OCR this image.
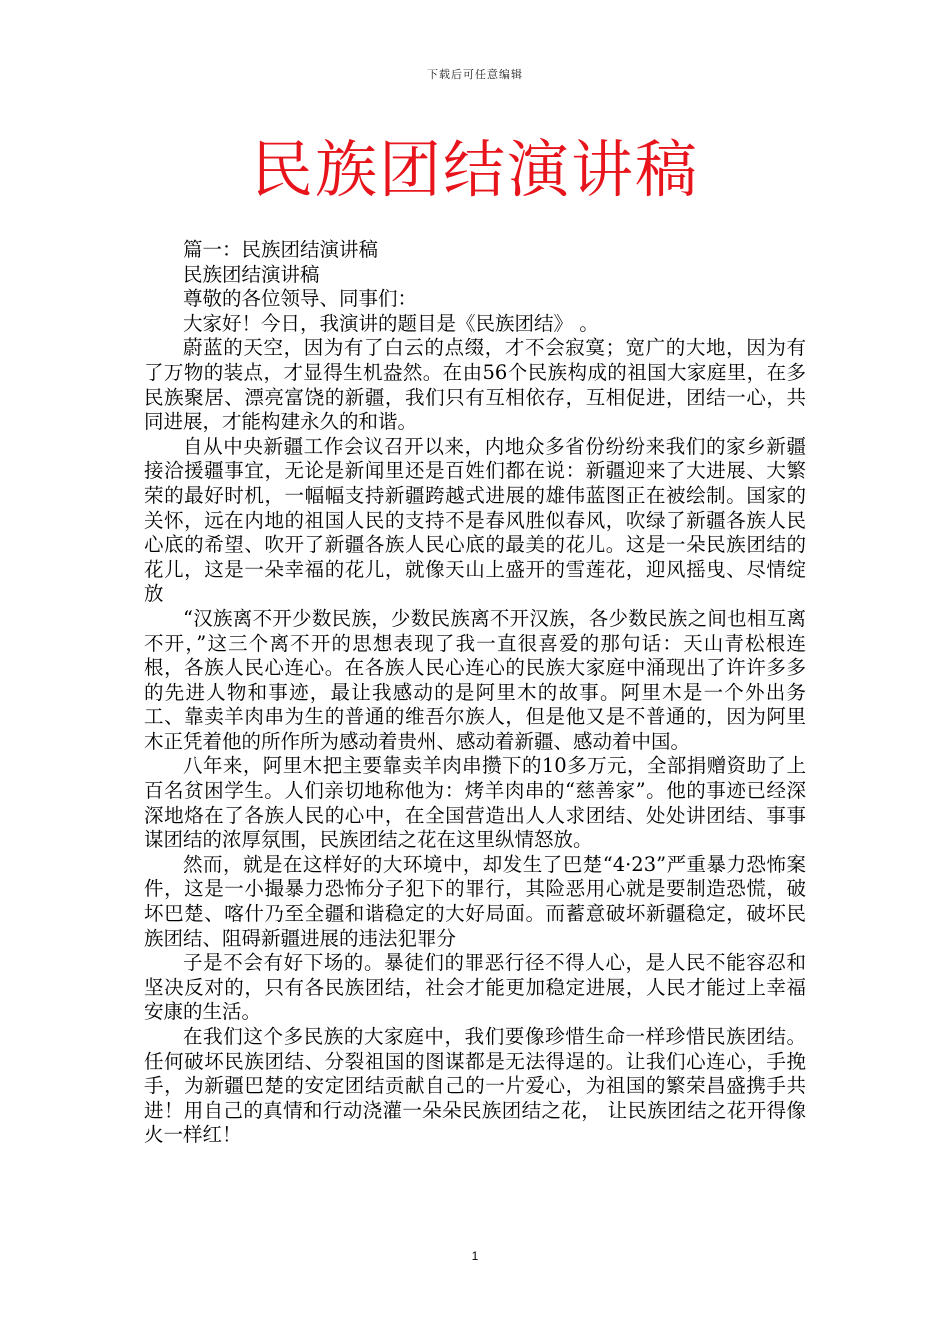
下载后可任意编辑
民族团结演讲稿

篇一：民族团结演讲稿

民族团结演讲稿

尊敬的各位领导、同事们：

大家好！今日，我演讲的题目是《民族团结》 。

蔚蓝的天空，因为有了白云的点缀，才不会寂寞；宽广的大地，因为有了万物的装点，才显得生机盎然。在由56个民族构成的祖国大家庭里，在多民族聚居、漂亮富饶的新疆，我们只有互相依存，互相促进，团结一心，共同进展，才能构建永久的和谐。

自从中央新疆工作会议召开以来，内地众多省份纷纷来我们的家乡新疆接洽援疆事宜，无论是新闻里还是百姓们都在说：新疆迎来了大进展、大繁荣的最好时机，一幅幅支持新疆跨越式进展的雄伟蓝图正在被绘制。国家的关怀，远在内地的祖国人民的支持不是春风胜似春风，吹绿了新疆各族人民心底的希望、吹开了新疆各族人民心底的最美的花儿。这是一朵民族团结的花儿，这是一朵幸福的花儿，就像天山上盛开的雪莲花，迎风摇曳、尽情绽放

“汉族离不开少数民族，少数民族离不开汉族，各少数民族之间也相互离不开，”这三个离不开的思想表现了我一直很喜爱的那句话：天山青松根连根，各族人民心连心。在各族人民心连心的民族大家庭中涌现出了许许多多的先进人物和事迹，最让我感动的是阿里木的故事。阿里木是一个外出务工、靠卖羊肉串为生的普通的维吾尔族人，但是他又是不普通的，因为阿里木正凭着他的所作所为感动着贵州、感动着新疆、感动着中国。

八年来，阿里木把主要靠卖羊肉串攒下的10多万元，全部捐赠资助了上百名贫困学生。人们亲切地称他为：烤羊肉串的“慈善家”。他的事迹已经深深地烙在了各族人民的心中，在全国营造出人人求团结、处处讲团结、事事谋团结的浓厚氛围，民族团结之花在这里纵情怒放。

然而，就是在这样好的大环境中，却发生了巴楚“4·23”严重暴力恐怖案件，这是一小撮暴力恐怖分子犯下的罪行，其险恶用心就是要制造恐慌，破坏巴楚、喀什乃至全疆和谐稳定的大好局面。而蓄意破坏新疆稳定，破坏民族团结、阻碍新疆进展的违法犯罪分

子是不会有好下场的。暴徒们的罪恶行径不得人心，是人民不能容忍和坚决反对的，只有各民族团结，社会才能更加稳定进展，人民才能过上幸福安康的生活。

在我们这个多民族的大家庭中，我们要像珍惜生命一样珍惜民族团结。任何破坏民族团结、分裂祖国的图谋都是无法得逞的。让我们心连心，手挽手，为新疆巴楚的安定团结贡献自己的一片爱心，为祖国的繁荣昌盛携手共进！用自己的真情和行动浇灌一朵朵民族团结之花， 让民族团结之花开得像火一样红！

1
